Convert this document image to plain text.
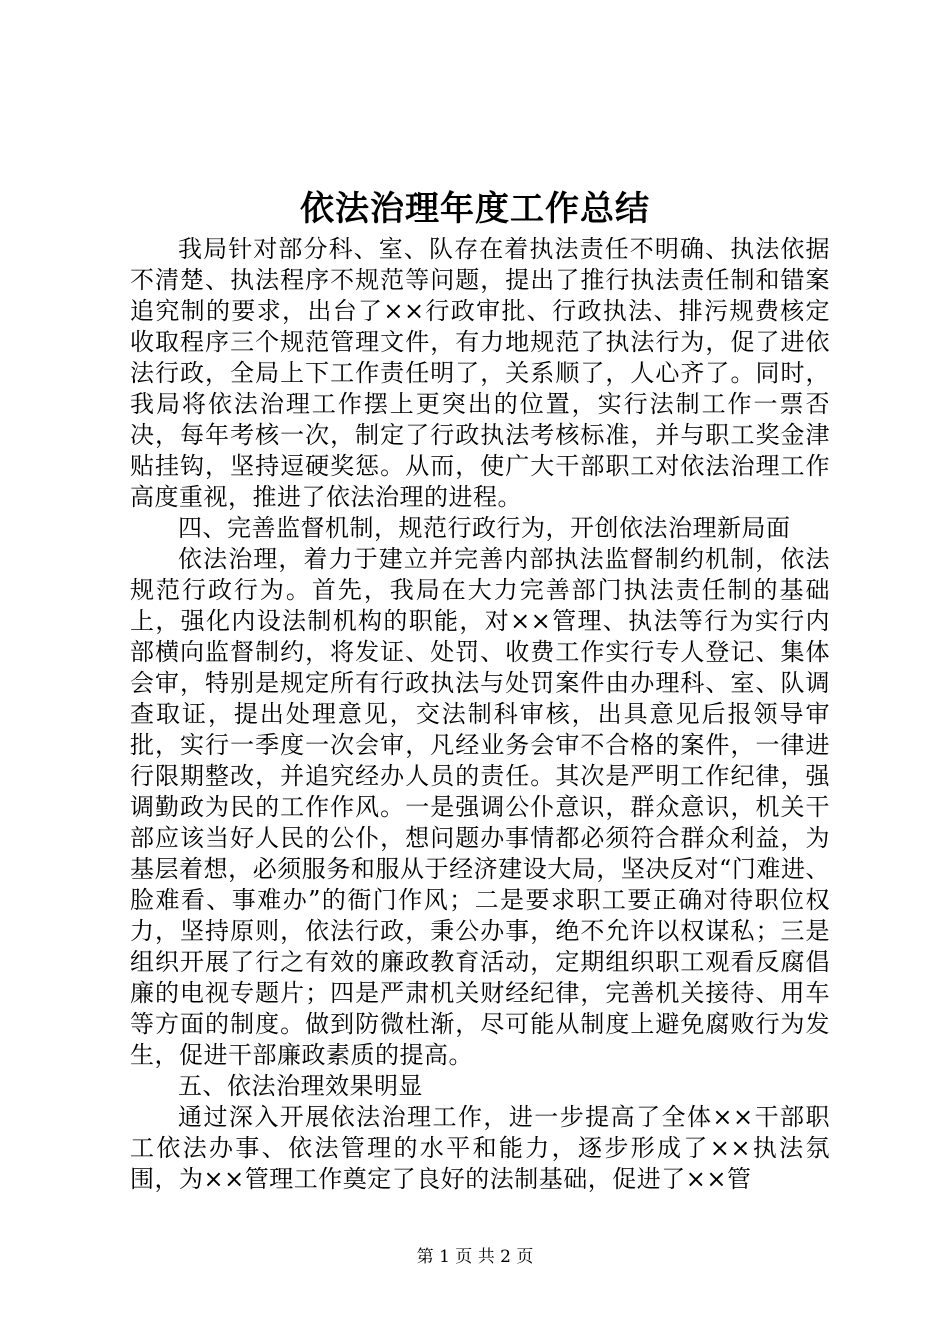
依法治理年度工作总结

我局针对部分科、室、队存在着执法责任不明确、执法依据不清楚、执法程序不规范等问题，提出了推行执法责任制和错案追究制的要求，出台了××行政审批、行政执法、排污规费核定收取程序三个规范管理文件，有力地规范了执法行为，促了进依法行政，全局上下工作责任明了，关系顺了，人心齐了。同时，我局将依法治理工作摆上更突出的位置，实行法制工作一票否决，每年考核一次，制定了行政执法考核标准，并与职工奖金津贴挂钩，坚持逗硬奖惩。从而，使广大干部职工对依法治理工作高度重视，推进了依法治理的进程。

四、完善监督机制，规范行政行为，开创依法治理新局面

依法治理，着力于建立并完善内部执法监督制约机制，依法规范行政行为。首先，我局在大力完善部门执法责任制的基础上，强化内设法制机构的职能，对××管理、执法等行为实行内部横向监督制约，将发证、处罚、收费工作实行专人登记、集体会审，特别是规定所有行政执法与处罚案件由办理科、室、队调查取证，提出处理意见，交法制科审核，出具意见后报领导审批，实行一季度一次会审，凡经业务会审不合格的案件，一律进行限期整改，并追究经办人员的责任。其次是严明工作纪律，强调勤政为民的工作作风。一是强调公仆意识，群众意识，机关干部应该当好人民的公仆，想问题办事情都必须符合群众利益，为基层着想，必须服务和服从于经济建设大局，坚决反对“门难进、脸难看、事难办”的衙门作风；二是要求职工要正确对待职位权力，坚持原则，依法行政，秉公办事，绝不允许以权谋私；三是组织开展了行之有效的廉政教育活动，定期组织职工观看反腐倡廉的电视专题片；四是严肃机关财经纪律，完善机关接待、用车等方面的制度。做到防微杜渐，尽可能从制度上避免腐败行为发生，促进干部廉政素质的提高。

五、依法治理效果明显

通过深入开展依法治理工作，进一步提高了全体××干部职工依法办事、依法管理的水平和能力，逐步形成了××执法氛围，为××管理工作奠定了良好的法制基础，促进了××管

第 1 页 共 2 页
